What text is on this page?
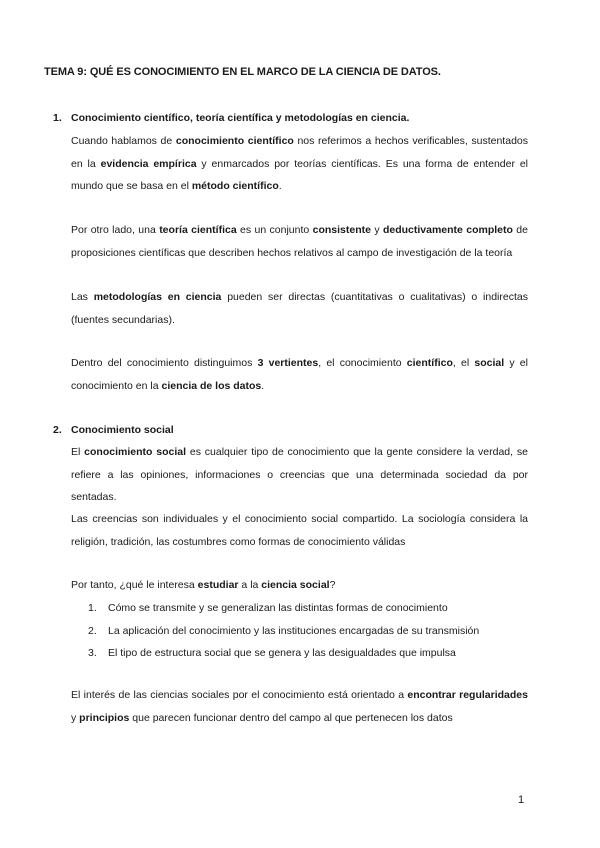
TEMA 9: QUÉ ES CONOCIMIENTO EN EL MARCO DE LA CIENCIA DE DATOS.
1. Conocimiento científico, teoría científica y metodologías en ciencia.

Cuando hablamos de conocimiento científico nos referimos a hechos verificables, sustentados en la evidencia empírica y enmarcados por teorías científicas. Es una forma de entender el mundo que se basa en el método científico.

Por otro lado, una teoría científica es un conjunto consistente y deductivamente completo de proposiciones científicas que describen hechos relativos al campo de investigación de la teoría

Las metodologías en ciencia pueden ser directas (cuantitativas o cualitativas) o indirectas (fuentes secundarias).

Dentro del conocimiento distinguimos 3 vertientes, el conocimiento científico, el social y el conocimiento en la ciencia de los datos.

2. Conocimiento social

El conocimiento social es cualquier tipo de conocimiento que la gente considere la verdad, se refiere a las opiniones, informaciones o creencias que una determinada sociedad da por sentadas.

Las creencias son individuales y el conocimiento social compartido. La sociología considera la religión, tradición, las costumbres como formas de conocimiento válidas

Por tanto, ¿qué le interesa estudiar a la ciencia social?

1.	Cómo se transmite y se generalizan las distintas formas de conocimiento
2.	La aplicación del conocimiento y las instituciones encargadas de su transmisión
3.	El tipo de estructura social que se genera y las desigualdades que impulsa

El interés de las ciencias sociales por el conocimiento está orientado a encontrar regularidades y principios que parecen funcionar dentro del campo al que pertenecen los datos

1
